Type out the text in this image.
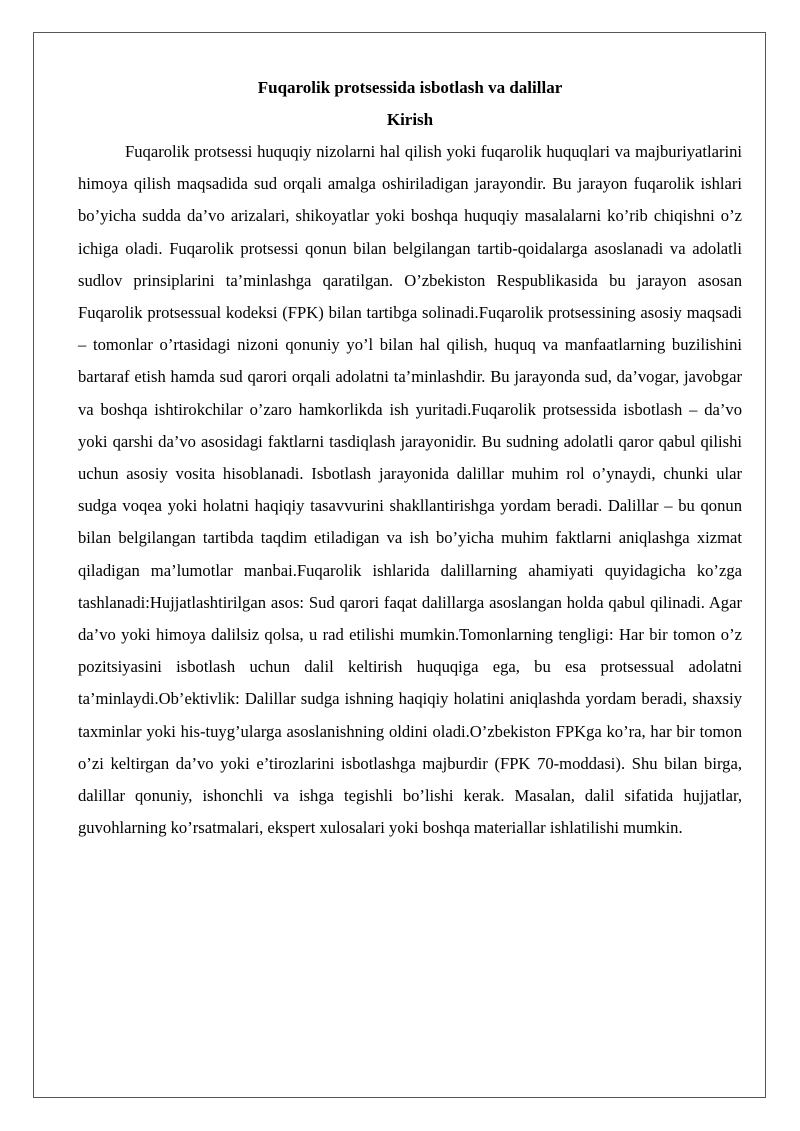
Fuqarolik protsessida isbotlash va dalillar
Kirish

Fuqarolik protsessi huquqiy nizolarni hal qilish yoki fuqarolik huquqlari va majburiyatlarini himoya qilish maqsadida sud orqali amalga oshiriladigan jarayondir. Bu jarayon fuqarolik ishlari bo’yicha sudda da’vo arizalari, shikoyatlar yoki boshqa huquqiy masalalarni ko’rib chiqishni o’z ichiga oladi. Fuqarolik protsessi qonun bilan belgilangan tartib-qoidalarga asoslanadi va adolatli sudlov prinsiplarini ta’minlashga qaratilgan. O’zbekiston Respublikasida bu jarayon asosan Fuqarolik protsessual kodeksi (FPK) bilan tartibga solinadi.Fuqarolik protsessining asosiy maqsadi – tomonlar o’rtasidagi nizoni qonuniy yo’l bilan hal qilish, huquq va manfaatlarning buzilishini bartaraf etish hamda sud qarori orqali adolatni ta’minlashdir. Bu jarayonda sud, da’vogar, javobgar va boshqa ishtirokchilar o’zaro hamkorlikda ish yuritadi.Fuqarolik protsessida isbotlash – da’vo yoki qarshi da’vo asosidagi faktlarni tasdiqlash jarayonidir. Bu sudning adolatli qaror qabul qilishi uchun asosiy vosita hisoblanadi. Isbotlash jarayonida dalillar muhim rol o’ynaydi, chunki ular sudga voqea yoki holatni haqiqiy tasavvurini shakllantirishga yordam beradi. Dalillar – bu qonun bilan belgilangan tartibda taqdim etiladigan va ish bo’yicha muhim faktlarni aniqlashga xizmat qiladigan ma’lumotlar manbai.Fuqarolik ishlarida dalillarning ahamiyati quyidagicha ko’zga tashlanadi:Hujjatlashtirilgan asos: Sud qarori faqat dalillarga asoslangan holda qabul qilinadi. Agar da’vo yoki himoya dalilsiz qolsa, u rad etilishi mumkin.Tomonlarning tengligi: Har bir tomon o’z pozitsiyasini isbotlash uchun dalil keltirish huquqiga ega, bu esa protsessual adolatni ta’minlaydi.Ob’ektivlik: Dalillar sudga ishning haqiqiy holatini aniqlashda yordam beradi, shaxsiy taxminlar yoki his-tuyg’ularga asoslanishning oldini oladi.O’zbekiston FPKga ko’ra, har bir tomon o’zi keltirgan da’vo yoki e’tirozlarini isbotlashga majburdir (FPK 70-moddasi). Shu bilan birga, dalillar qonuniy, ishonchli va ishga tegishli bo’lishi kerak. Masalan, dalil sifatida hujjatlar, guvohlarning ko’rsatmalari, ekspert xulosalari yoki boshqa materiallar ishlatilishi mumkin.
